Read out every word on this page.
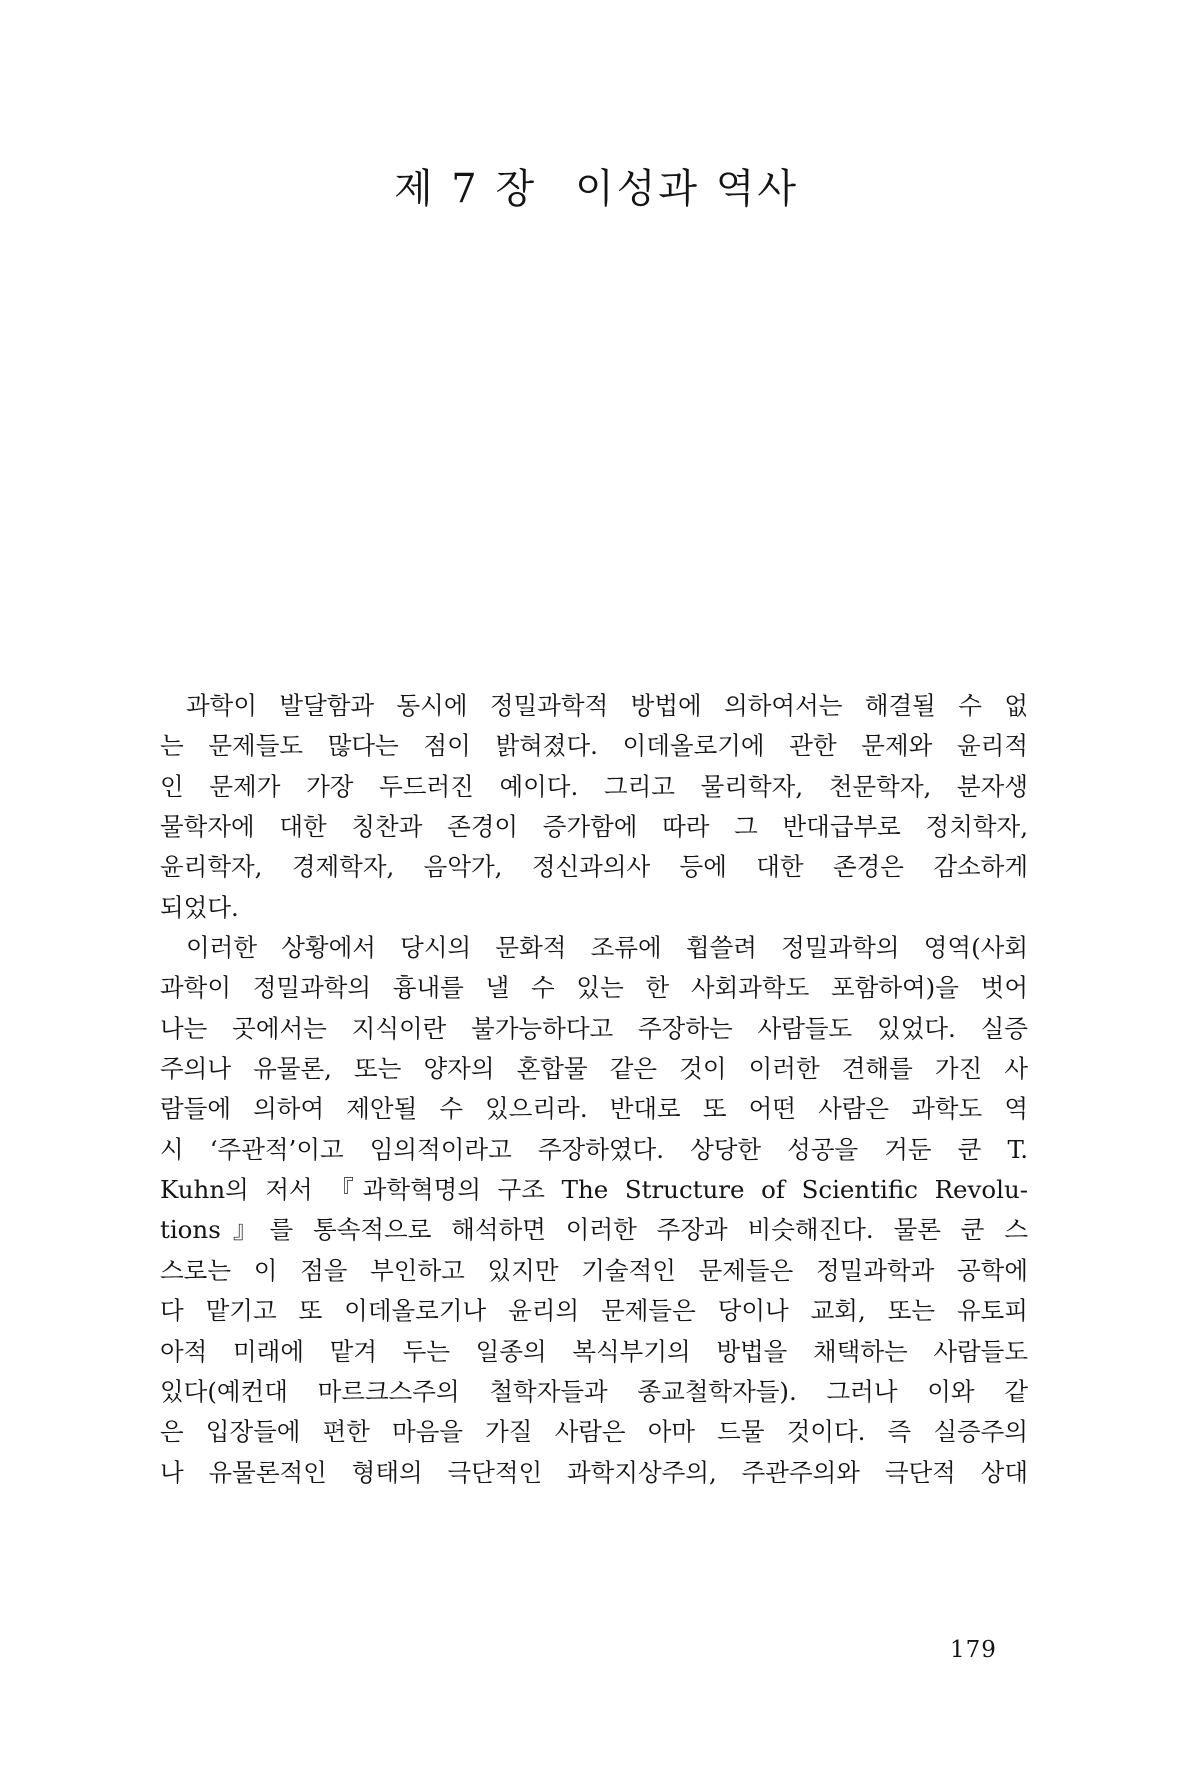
제 7 장 이성과 역사
과학이 발달함과 동시에 정밀과학적 방법에 의하여서는 해결될 수 없
는 문제들도 많다는 점이 밝혀졌다. 이데올로기에 관한 문제와 윤리적
인 문제가 가장 두드러진 예이다. 그리고 물리학자, 천문학자, 분자생
물학자에 대한 칭찬과 존경이 증가함에 따라 그 반대급부로 정치학자,
윤리학자, 경제학자, 음악가, 정신과의사 등에 대한 존경은 감소하게
되었다.
이러한 상황에서 당시의 문화적 조류에 휩쓸려 정밀과학의 영역(사회
과학이 정밀과학의 흉내를 낼 수 있는 한 사회과학도 포함하여)을 벗어
나는 곳에서는 지식이란 불가능하다고 주장하는 사람들도 있었다. 실증
주의나 유물론, 또는 양자의 혼합물 같은 것이 이러한 견해를 가진 사
람들에 의하여 제안될 수 있으리라. 반대로 또 어떤 사람은 과학도 역
시 ‘주관적’이고 임의적이라고 주장하였다. 상당한 성공을 거둔 쿤 T.
Kuhn의 저서 『과학혁명의 구조 The Structure of Scientific Revolu-
tions』를 통속적으로 해석하면 이러한 주장과 비슷해진다. 물론 쿤 스
스로는 이 점을 부인하고 있지만 기술적인 문제들은 정밀과학과 공학에
다 맡기고 또 이데올로기나 윤리의 문제들은 당이나 교회, 또는 유토피
아적 미래에 맡겨 두는 일종의 복식부기의 방법을 채택하는 사람들도
있다(예컨대 마르크스주의 철학자들과 종교철학자들). 그러나 이와 같
은 입장들에 편한 마음을 가질 사람은 아마 드물 것이다. 즉 실증주의
나 유물론적인 형태의 극단적인 과학지상주의, 주관주의와 극단적 상대
179
